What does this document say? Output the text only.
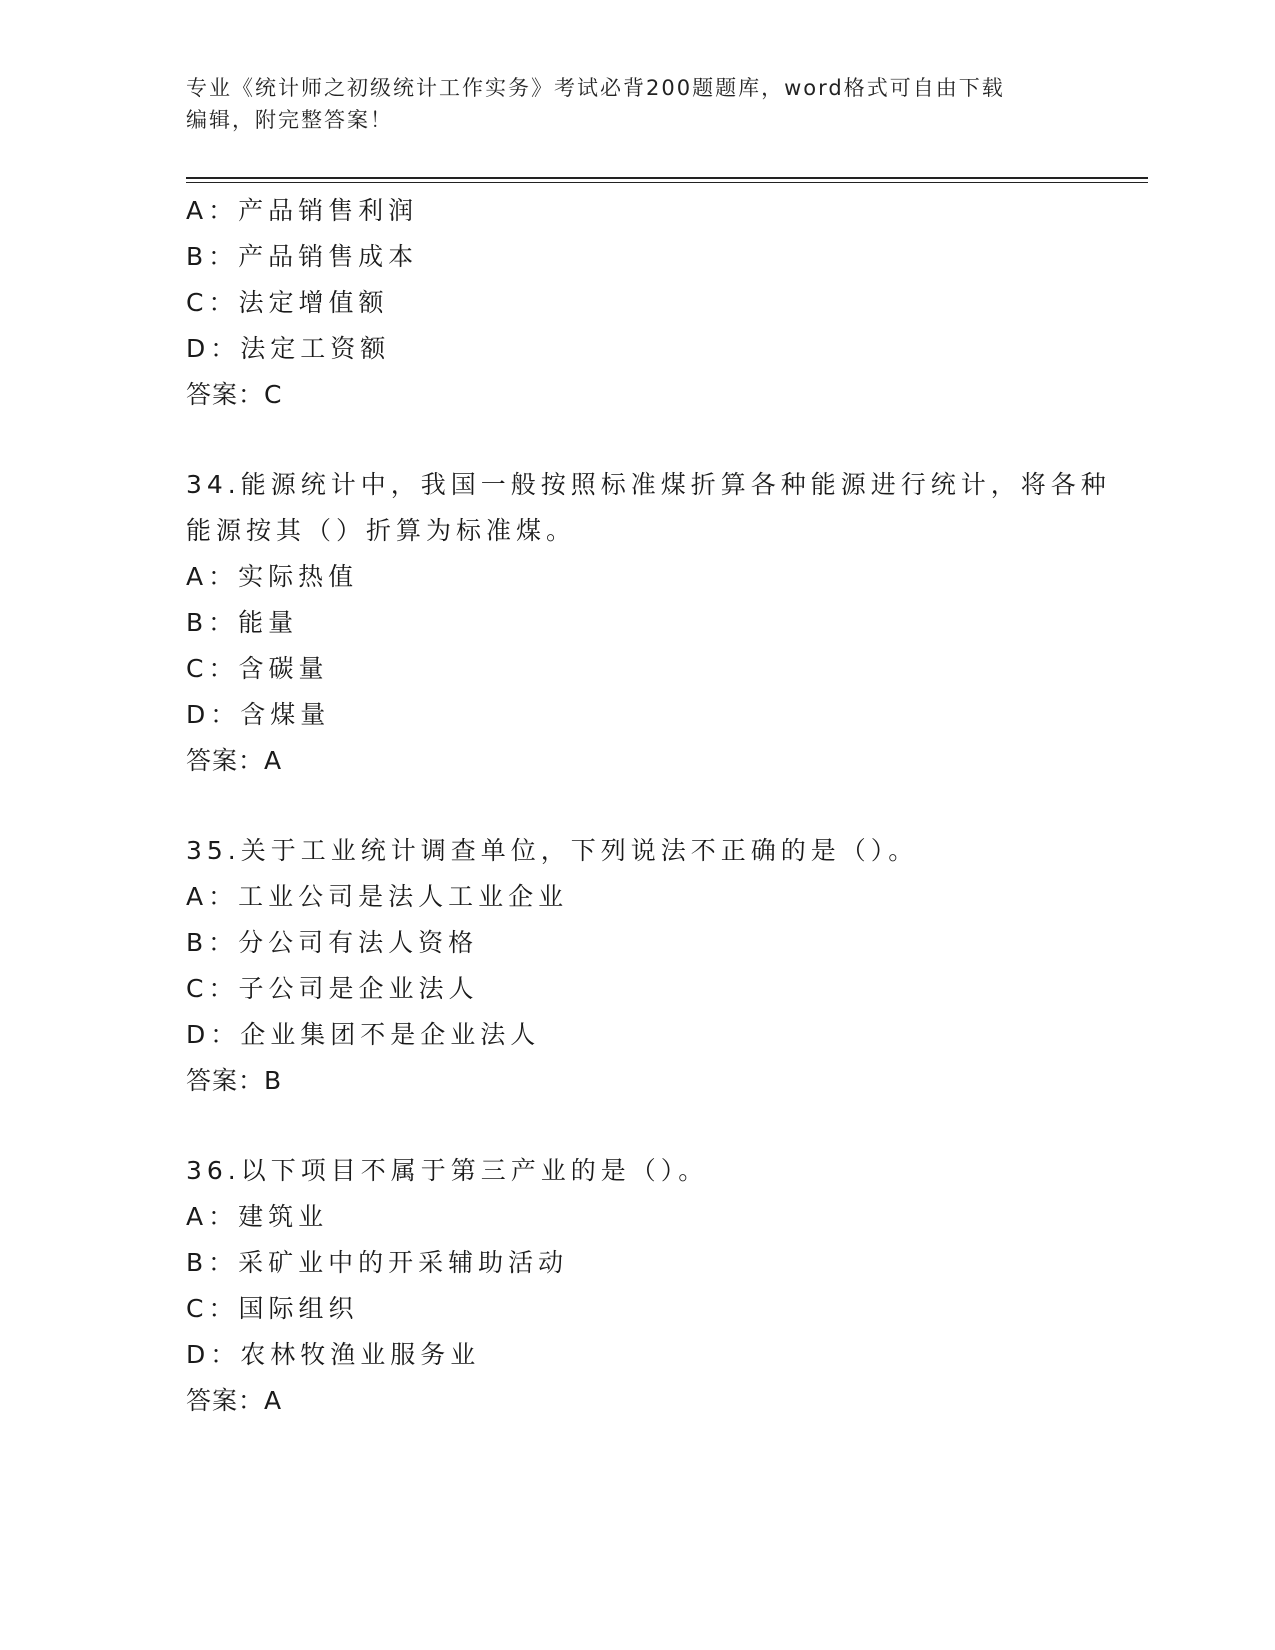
专业《统计师之初级统计工作实务》考试必背200题题库，word格式可自由下载
编辑，附完整答案！
A：产品销售利润
B：产品销售成本
C：法定增值额
D：法定工资额
答案：C
34.能源统计中，我国一般按照标准煤折算各种能源进行统计，将各种
能源按其（）折算为标准煤。
A：实际热值
B：能量
C：含碳量
D：含煤量
答案：A
35.关于工业统计调查单位，下列说法不正确的是（）。
A：工业公司是法人工业企业
B：分公司有法人资格
C：子公司是企业法人
D：企业集团不是企业法人
答案：B
36.以下项目不属于第三产业的是（）。
A：建筑业
B：采矿业中的开采辅助活动
C：国际组织
D：农林牧渔业服务业
答案：A
